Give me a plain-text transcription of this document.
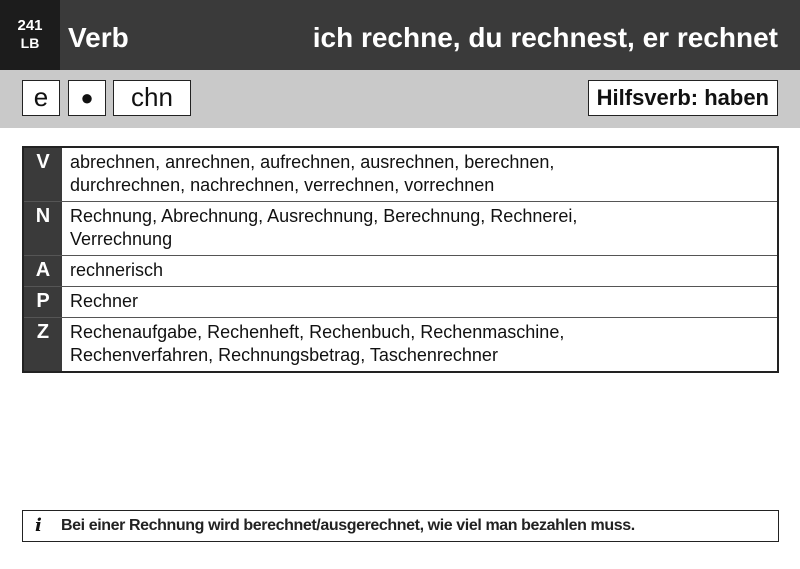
241
LB	Verb	ich rechne, du rechnest, er rechnet
e	●	chn	Hilfsverb: haben
V	abrechnen, anrechnen, aufrechnen, ausrechnen, berechnen,
durchrechnen, nachrechnen, verrechnen, vorrechnen
N	Rechnung, Abrechnung, Ausrechnung, Berechnung, Rechnerei,
Verrechnung
A	rechnerisch
P	Rechner
Z	Rechenaufgabe, Rechenheft, Rechenbuch, Rechenmaschine,
Rechenverfahren, Rechnungsbetrag, Taschenrechner
i Bei einer Rechnung wird berechnet/ausgerechnet, wie viel man bezahlen muss.
